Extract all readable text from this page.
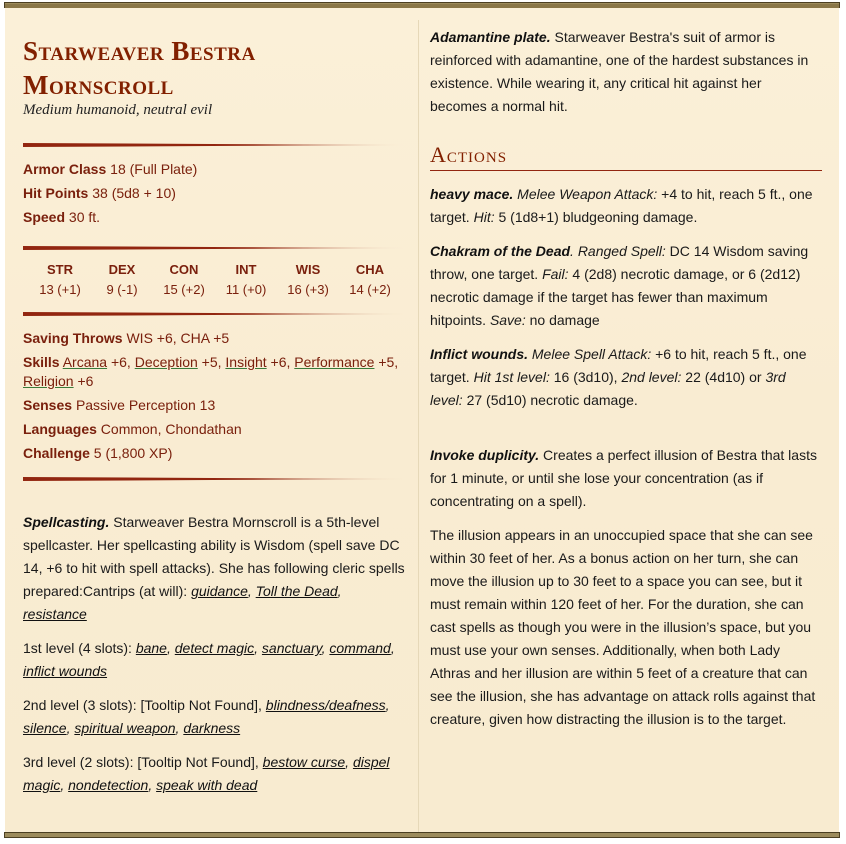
Starweaver Bestra
Mornscroll
Medium humanoid, neutral evil
Armor Class 18 (Full Plate)
Hit Points 38 (5d8 + 10)
Speed 30 ft.
STR
13 (+1)
DEX
9 (-1)
CON
15 (+2)
INT
11 (+0)
WIS
16 (+3)
CHA
14 (+2)
Saving Throws WIS +6, CHA +5
Skills Arcana +6, Deception +5, Insight +6, Performance +5, Religion +6
Senses Passive Perception 13
Languages Common, Chondathan
Challenge 5 (1,800 XP)

Spellcasting. Starweaver Bestra Mornscroll is a 5th-level spellcaster. Her spellcasting ability is Wisdom (spell save DC 14, +6 to hit with spell attacks). She has following cleric spells prepared:Cantrips (at will): guidance, Toll the Dead, resistance

1st level (4 slots): bane, detect magic, sanctuary, command, inflict wounds

2nd level (3 slots): [Tooltip Not Found], blindness/deafness, silence, spiritual weapon, darkness

3rd level (2 slots): [Tooltip Not Found], bestow curse, dispel magic, nondetection, speak with dead

Adamantine plate. Starweaver Bestra's suit of armor is reinforced with adamantine, one of the hardest substances in existence. While wearing it, any critical hit against her becomes a normal hit.

Actions

heavy mace. Melee Weapon Attack: +4 to hit, reach 5 ft., one target. Hit: 5 (1d8+1) bludgeoning damage.

Chakram of the Dead. Ranged Spell: DC 14 Wisdom saving throw, one target. Fail: 4 (2d8) necrotic damage, or 6 (2d12) necrotic damage if the target has fewer than maximum hitpoints. Save: no damage

Inflict wounds. Melee Spell Attack: +6 to hit, reach 5 ft., one target. Hit 1st level: 16 (3d10), 2nd level: 22 (4d10) or 3rd level: 27 (5d10) necrotic damage.

Invoke duplicity. Creates a perfect illusion of Bestra that lasts for 1 minute, or until she lose your concentration (as if concentrating on a spell).

The illusion appears in an unoccupied space that she can see within 30 feet of her. As a bonus action on her turn, she can move the illusion up to 30 feet to a space you can see, but it must remain within 120 feet of her. For the duration, she can cast spells as though you were in the illusion’s space, but you must use your own senses. Additionally, when both Lady Athras and her illusion are within 5 feet of a creature that can see the illusion, she has advantage on attack rolls against that creature, given how distracting the illusion is to the target.
